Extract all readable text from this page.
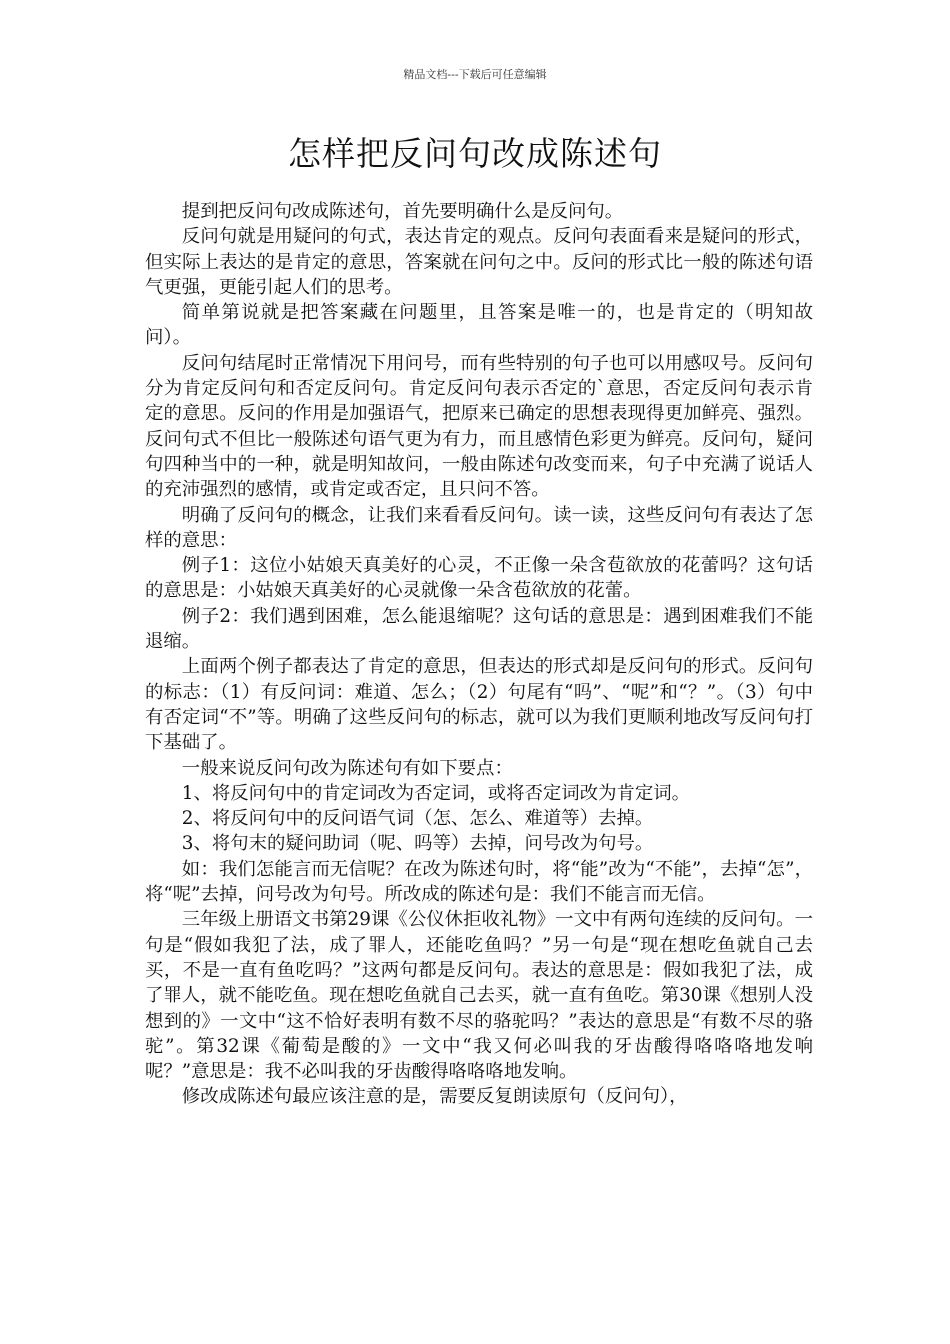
精品文档---下载后可任意编辑
怎样把反问句改成陈述句

提到把反问句改成陈述句，首先要明确什么是反问句。

反问句就是用疑问的句式，表达肯定的观点。反问句表面看来是疑问的形式，但实际上表达的是肯定的意思，答案就在问句之中。反问的形式比一般的陈述句语气更强，更能引起人们的思考。

简单第说就是把答案藏在问题里，且答案是唯一的，也是肯定的（明知故问）。

反问句结尾时正常情况下用问号，而有些特别的句子也可以用感叹号。反问句分为肯定反问句和否定反问句。肯定反问句表示否定的`意思，否定反问句表示肯定的意思。反问的作用是加强语气，把原来已确定的思想表现得更加鲜亮、强烈。反问句式不但比一般陈述句语气更为有力，而且感情色彩更为鲜亮。反问句，疑问句四种当中的一种，就是明知故问，一般由陈述句改变而来，句子中充满了说话人的充沛强烈的感情，或肯定或否定，且只问不答。

明确了反问句的概念，让我们来看看反问句。读一读，这些反问句有表达了怎样的意思：

例子1：这位小姑娘天真美好的心灵，不正像一朵含苞欲放的花蕾吗？这句话的意思是：小姑娘天真美好的心灵就像一朵含苞欲放的花蕾。

例子2：我们遇到困难，怎么能退缩呢？这句话的意思是：遇到困难我们不能退缩。

上面两个例子都表达了肯定的意思，但表达的形式却是反问句的形式。反问句的标志：（1）有反问词：难道、怎么；（2）句尾有“吗”、“呢”和“？”。（3）句中有否定词“不”等。明确了这些反问句的标志，就可以为我们更顺利地改写反问句打下基础了。

一般来说反问句改为陈述句有如下要点：

1、将反问句中的肯定词改为否定词，或将否定词改为肯定词。

2、将反问句中的反问语气词（怎、怎么、难道等）去掉。

3、将句末的疑问助词（呢、吗等）去掉，问号改为句号。

如：我们怎能言而无信呢？在改为陈述句时，将“能”改为“不能”，去掉“怎”，将“呢”去掉，问号改为句号。所改成的陈述句是：我们不能言而无信。

三年级上册语文书第29课《公仪休拒收礼物》一文中有两句连续的反问句。一句是“假如我犯了法，成了罪人，还能吃鱼吗？”另一句是“现在想吃鱼就自己去买，不是一直有鱼吃吗？”这两句都是反问句。表达的意思是：假如我犯了法，成了罪人，就不能吃鱼。现在想吃鱼就自己去买，就一直有鱼吃。第30课《想别人没想到的》一文中“这不恰好表明有数不尽的骆驼吗？”表达的意思是“有数不尽的骆驼”。第32课《葡萄是酸的》一文中“我又何必叫我的牙齿酸得咯咯咯地发响呢？”意思是：我不必叫我的牙齿酸得咯咯咯地发响。

修改成陈述句最应该注意的是，需要反复朗读原句（反问句），
